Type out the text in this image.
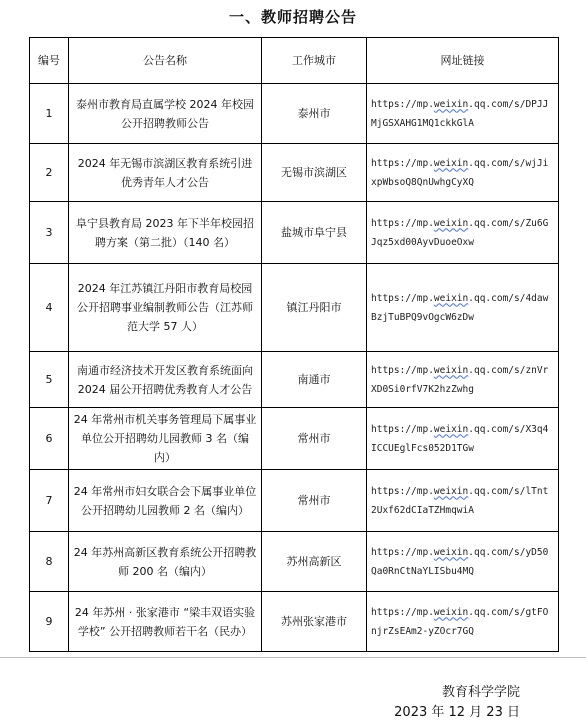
一、教师招聘公告
编号	公告名称	工作城市	网址链接
1	泰州市教育局直属学校 2024 年校园公开招聘教师公告	泰州市	https://mp.weixin.qq.com/s/DPJJMjGSXAHG1MQ1ckkGlA
2	2024 年无锡市滨湖区教育系统引进优秀青年人才公告	无锡市滨湖区	https://mp.weixin.qq.com/s/wjJixpWbsoQ8QnUwhgCyXQ
3	阜宁县教育局 2023 年下半年校园招聘方案（第二批）（140 名）	盐城市阜宁县	https://mp.weixin.qq.com/s/Zu6GJqz5xd00AyvDuoeOxw
4	2024 年江苏镇江丹阳市教育局校园公开招聘事业编制教师公告（江苏师范大学 57 人）	镇江丹阳市	https://mp.weixin.qq.com/s/4dawBzjTuBPQ9vOgcW6zDw
5	南通市经济技术开发区教育系统面向 2024 届公开招聘优秀教育人才公告	南通市	https://mp.weixin.qq.com/s/znVrXD0Si0rfV7K2hzZwhg
6	24 年常州市机关事务管理局下属事业单位公开招聘幼儿园教师 3 名（编内）	常州市	https://mp.weixin.qq.com/s/X3q4ICCUEglFcs052D1TGw
7	24 年常州市妇女联合会下属事业单位公开招聘幼儿园教师 2 名（编内）	常州市	https://mp.weixin.qq.com/s/lTnt2Uxf62dCIaTZHmqwiA
8	24 年苏州高新区教育系统公开招聘教师 200 名（编内）	苏州高新区	https://mp.weixin.qq.com/s/yD50Qa0RnCtNaYLISbu4MQ
9	24 年苏州 · 张家港市 “梁丰双语实验学校” 公开招聘教师若干名（民办）	苏州张家港市	https://mp.weixin.qq.com/s/gtFOnjrZsEAm2-yZOcr7GQ
教育科学学院
2023 年 12 月 23 日
